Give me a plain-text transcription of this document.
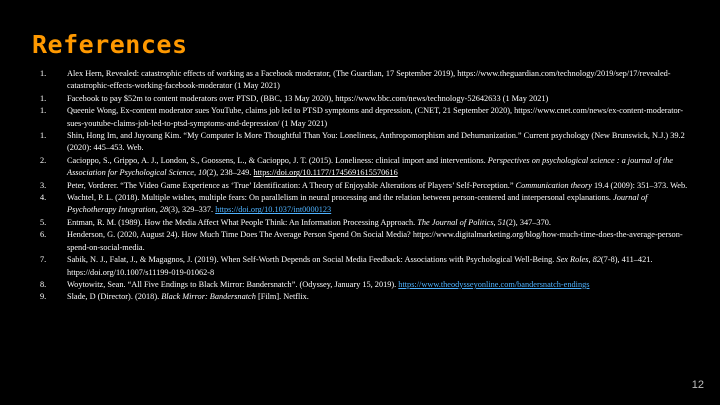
References
1.	Alex Hern, Revealed: catastrophic effects of working as a Facebook moderator, (The Guardian, 17 September 2019), https://www.theguardian.com/technology/2019/sep/17/revealed-catastrophic-effects-working-facebook-moderator (1 May 2021)
1.	Facebook to pay $52m to content moderators over PTSD, (BBC, 13 May 2020), https://www.bbc.com/news/technology-52642633 (1 May 2021)
1.	Queenie Wong, Ex-content moderator sues YouTube, claims job led to PTSD symptoms and depression, (CNET, 21 September 2020), https://www.cnet.com/news/ex-content-moderator-sues-youtube-claims-job-led-to-ptsd-symptoms-and-depression/ (1 May 2021)
1.	Shin, Hong Im, and Juyoung Kim. “My Computer Is More Thoughtful Than You: Loneliness, Anthropomorphism and Dehumanization.” Current psychology (New Brunswick, N.J.) 39.2 (2020): 445–453. Web.
2.	Cacioppo, S., Grippo, A. J., London, S., Goossens, L., & Cacioppo, J. T. (2015). Loneliness: clinical import and interventions. Perspectives on psychological science : a journal of the Association for Psychological Science, 10(2), 238–249. https://doi.org/10.1177/1745691615570616
3.	Peter, Vorderer. “The Video Game Experience as ‘True’ Identification: A Theory of Enjoyable Alterations of Players’ Self-Perception.” Communication theory 19.4 (2009): 351–373. Web.
4.	Wachtel, P. L. (2018). Multiple wishes, multiple fears: On parallelism in neural processing and the relation between person-centered and interpersonal explanations. Journal of Psychotherapy Integration, 28(3), 329–337. https://doi.org/10.1037/int0000123
5.	Entman, R. M. (1989). How the Media Affect What People Think: An Information Processing Approach. The Journal of Politics, 51(2), 347–370.
6.	Henderson, G. (2020, August 24). How Much Time Does The Average Person Spend On Social Media? https://www.digitalmarketing.org/blog/how-much-time-does-the-average-person-spend-on-social-media.
7.	Sabik, N. J., Falat, J., & Magagnos, J. (2019). When Self-Worth Depends on Social Media Feedback: Associations with Psychological Well-Being. Sex Roles, 82(7-8), 411–421. https://doi.org/10.1007/s11199-019-01062-8
8.	Woytowitz, Sean. “All Five Endings to Black Mirror: Bandersnatch”. (Odyssey, January 15, 2019). https://www.theodysseyonline.com/bandersnatch-endings
9.	Slade, D (Director). (2018). Black Mirror: Bandersnatch [Film]. Netflix.
12
